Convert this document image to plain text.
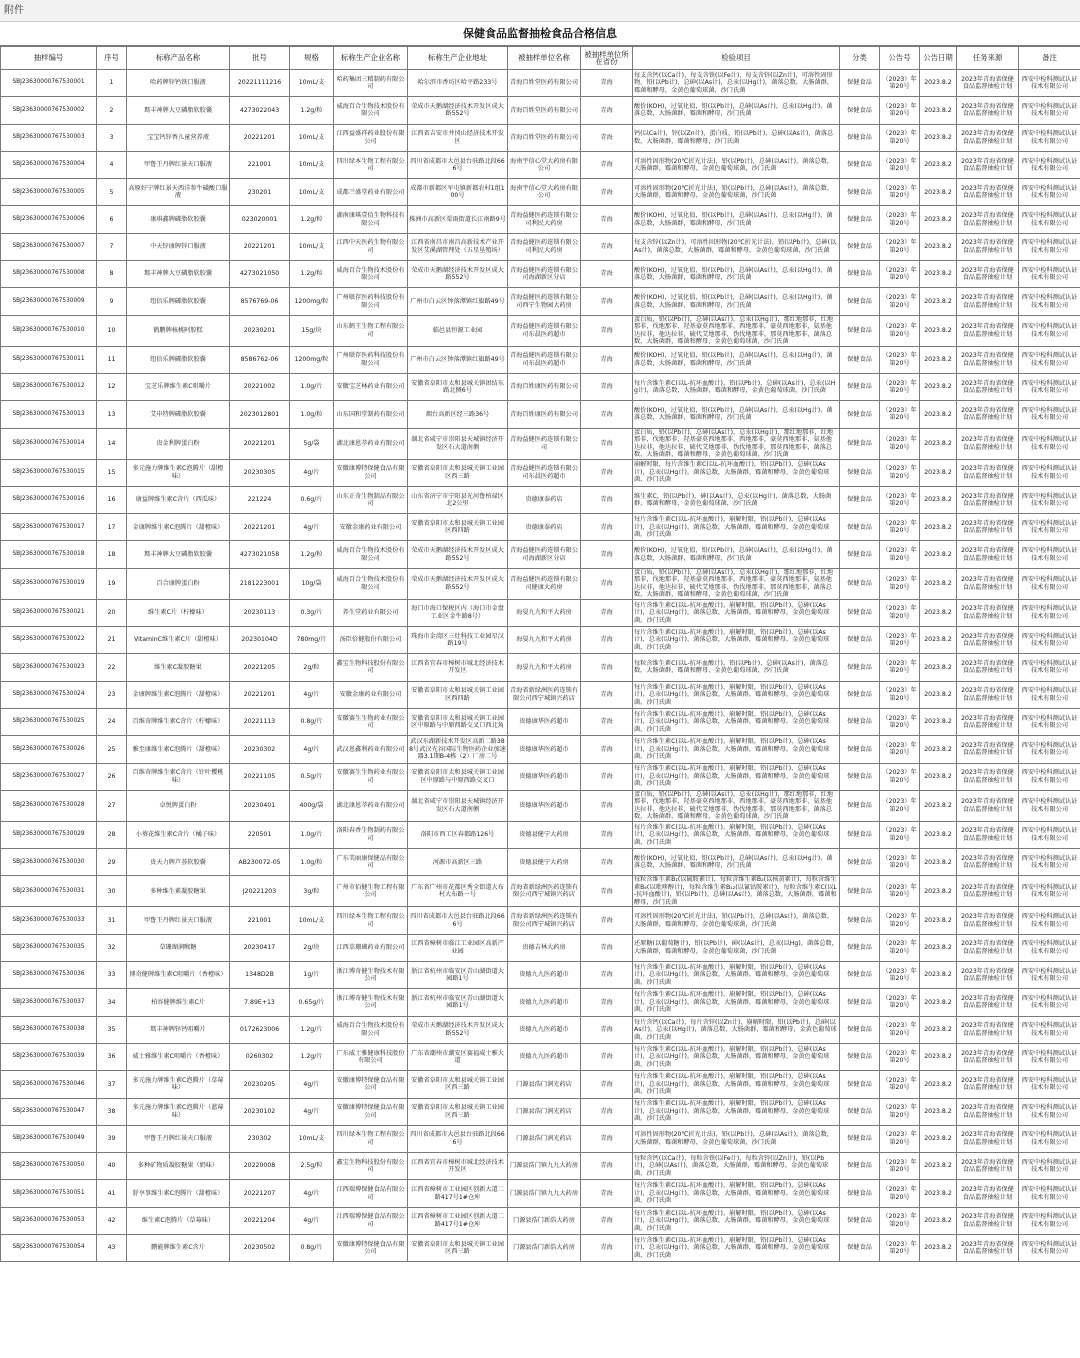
附件
保健食品监督抽检食品合格信息
抽样编号	序号	标称产品名称	批号	规格	标称生产企业名称	标称生产企业地址	被抽样单位名称	被抽样单位所在省份	检验项目	分类	公告号	公告日期	任务来源	备注
SBJ23630000767530001	1	哈药牌锌钙铁口服液	20221111216	10mL/支	哈药集团三精制药有限公司	哈尔滨市香坊区哈平路233号	青海百姓堂医药有限公司	青海	每支含钙(以Ca计)，每支含铁(以Fe计)，每支含锌(以Zn计)，可溶性固形物，铅(以Pb计)，总砷(以As计)，总汞(以Hg计)，菌落总数，大肠菌群，霉菌和酵母，金黄色葡萄球菌，沙门氏菌	保健食品	（2023）年第20号	2023.8.2	2023年青海省保健食品监督抽检计划	西安中检科测试认证技术有限公司
SBJ23630000767530002	2	瑪丰神牌大豆磷脂软胶囊	4273022043	1.2g/粒	威海百合生物技术股份有限公司	荣成市天鹅湖经济技术开发区成大路552号	青海百姓堂医药有限公司	青海	酸价(KOH)，过氧化值，铅(以Pb计)，总砷(以As计)，总汞(以Hg计)，菌落总数，大肠菌群，霉菌和酵母，沙门氏菌	保健食品	（2023）年第20号	2023.8.2	2023年青海省保健食品监督抽检计划	西安中检科测试认证技术有限公司
SBJ23630000767530003	3	宝宝钙锌香儿童营养液	20221201	10mL/支	江西益盛祥药业股份有限公司	江西省吉安市井冈山经济技术开发区	青海百姓堂医药有限公司	青海	钙(以Ca计)，锌(以Zn计)，蛋白质，铅(以Pb计)，总砷(以As计)，菌落总数，大肠菌群，霉菌和酵母，沙门氏菌	保健食品	（2023）年第20号	2023.8.2	2023年青海省保健食品监督抽检计划	西安中检科测试认证技术有限公司
SBJ23630000767530004	4	甲鲁王丹牌红景天口服液	221001	10mL/支	四川绿本生物工程有限公司	四川省成都市大邑县台驻路北段666号	海南宇信心堂大药房有限公司	青海	可溶性固形物(20℃折光计法)，铅(以Pb计)，总砷(以As计)，菌落总数，大肠菌群，霉菌和酵母，金黄色葡萄球菌，沙门氏菌	保健食品	（2023）年第20号	2023.8.2	2023年青海省保健食品监督抽检计划	西安中检科测试认证技术有限公司
SBJ23630000767530005	5	高原好宁牌红景天西洋参牛磺酸口服液	230201	10mL/支	成都兰盛堂药业有限公司	成都市新都区军屯镇新都农村1组100号	海南宇信心堂大药房有限公司	青海	可溶性固形物(20℃折光计法)，铅(以Pb计)，总砷(以As计)，菌落总数，大肠菌群，霉菌和酵母，金黄色葡萄球菌，沙门氏菌	保健食品	（2023）年第20号	2023.8.2	2023年青海省保健食品监督抽检计划	西安中检科测试认证技术有限公司
SBJ23630000767530006	6	康琪鑫牌磷脂软胶囊	023020001	1.2g/粒	湖南康琪壹佰生物科技有限公司	株洲市高新区栗雨街道长江南路9号	青海益健医药连锁有限公司利民大药房	青海	酸价(KOH)，过氧化值，铅(以Pb计)，总砷(以As计)，总汞(以Hg计)，菌落总数，大肠菌群，霉菌和酵母，沙门氏菌	保健食品	（2023）年第20号	2023.8.2	2023年青海省保健食品监督抽检计划	西安中检科测试认证技术有限公司
SBJ23630000767530007	7	中天锌康牌锌口服液	20221201	10mL/支	江西中天医药生物有限公司	江西省南昌市南昌高新技术产业开发区艾溪湖管理处（五星垦殖场）	青海益健医药连锁有限公司利民大药房	青海	每支含锌(以Zn计)，可溶性固形物(20℃折光计法)，铅(以Pb计)，总砷(以As计)，菌落总数，大肠菌群，霉菌和酵母，金黄色葡萄球菌，沙门氏菌	保健食品	（2023）年第20号	2023.8.2	2023年青海省保健食品监督抽检计划	西安中检科测试认证技术有限公司
SBJ23630000767530008	8	瑪丰神牌大豆磷脂软胶囊	4273021050	1.2g/粒	威海百合生物技术股份有限公司	荣成市天鹅湖经济技术开发区成大路552号	青海益健医药连锁有限公司海湖新区分店	青海	酸价(KOH)，过氧化值，铅(以Pb计)，总砷(以As计)，总汞(以Hg计)，菌落总数，大肠菌群，霉菌和酵母，沙门氏菌	保健食品	（2023）年第20号	2023.8.2	2023年青海省保健食品监督抽检计划	西安中检科测试认证技术有限公司
SBJ23630000767530009	9	纽倍乐牌磷脂软胶囊	8576769-06	1200mg/粒	广州联存医药科技股份有限公司	广州市白云区钟落潭镇红旗路49号	青海益健医药连锁有限公司西宁生物园大药房	青海	酸价(KOH)，过氧化值，铅(以Pb计)，总砷(以As计)，总汞(以Hg计)，菌落总数，大肠菌群，霉菌和酵母，沙门氏菌	保健食品	（2023）年第20号	2023.8.2	2023年青海省保健食品监督抽检计划	西安中检科测试认证技术有限公司
SBJ23630000767530010	10	鹤鹏牌核桃阿胶糕	20230201	15g/块	山东鹤王生物工程有限公司	临邑县恒源工业园	青海益健医药连锁有限公司东晨医药超市	青海	蛋白质，铅(以Pb计)，总砷(以As计)，总汞(以Hg计)，那红地那非，红地那非，伐地那非，羟基豪莫西地那非，西地那非，豪莫西地那非，氨基他达拉非，他达拉非，硫代艾地那非，伪伐地那非，那莫西地那非，菌落总数，大肠菌群，霉菌和酵母，金黄色葡萄球菌，沙门氏菌	保健食品	（2023）年第20号	2023.8.2	2023年青海省保健食品监督抽检计划	西安中检科测试认证技术有限公司
SBJ23630000767530011	11	纽倍乐牌磷脂软胶囊	8586762-06	1200mg/粒	广州联存医药科技股份有限公司	广州市白云区钟落潭镇红旗路49号	青海益健医药连锁有限公司东晨医药超市	青海	酸价(KOH)，过氧化值，铅(以Pb计)，总砷(以As计)，总汞(以Hg计)，菌落总数，大肠菌群，霉菌和酵母，沙门氏菌	保健食品	（2023）年第20号	2023.8.2	2023年青海省保健食品监督抽检计划	西安中检科测试认证技术有限公司
SBJ23630000767530012	12	宝芝乐牌维生素C咀嚼片	20221002	1.0g/片	安徽宝芝林药业有限公司	安徽省阜阳市太和县城关镇团结东路北侧6号	青海百姓康医药有限公司	青海	每片含维生素C(以L-抗坏血酸计)，铅(以Pb计)，总砷(以As计)，总汞(以Hg计)，菌落总数，大肠菌群，霉菌和酵母，金黄色葡萄球菌，沙门氏菌	保健食品	（2023）年第20号	2023.8.2	2023年青海省保健食品监督抽检计划	西安中检科测试认证技术有限公司
SBJ23630000767530013	13	艾申特牌磷脂软胶囊	2023012801	1.0g/粒	山东国和堂制药有限公司	烟台高新区经三路36号	青海百姓康医药有限公司	青海	酸价(KOH)，过氧化值，铅(以Pb计)，总砷(以As计)，总汞(以Hg计)，菌落总数，大肠菌群，霉菌和酵母，沙门氏菌	保健食品	（2023）年第20号	2023.8.2	2023年青海省保健食品监督抽检计划	西安中检科测试认证技术有限公司
SBJ23630000767530014	14	贵金利牌蛋白粉	20221201	5g/袋	湖北康恩萃药业有限公司	湖北省咸宁市崇阳县天城镇经济开发区石大道南侧	青海益健医药连锁有限公司	青海	蛋白质，铅(以Pb计)，总砷(以As计)，总汞(以Hg计)，那红地那非，红地那非，伐地那非，羟基豪莫西地那非，西地那非，豪莫西地那非，氨基他达拉非，他达拉非，硫代艾地那非，伪伐地那非，那莫西地那非，菌落总数，大肠菌群，霉菌和酵母，金黄色葡萄球菌，沙门氏菌	保健食品	（2023）年第20号	2023.8.2	2023年青海省保健食品监督抽检计划	西安中检科测试认证技术有限公司
SBJ23630000767530015	15	多元施力牌维生素C泡腾片（甜橙味）	20230305	4g/片	安徽康博特保健食品有限公司	安徽省阜阳市太和县城关镇工业园区西三路	青海益健医药连锁有限公司东晨医药超市	青海	崩解时限，每片含维生素C(以L-抗坏血酸计)，铅(以Pb计)，总砷(以As计)，总汞(以Hg计)，菌落总数，大肠菌群，霉菌和酵母，金黄色葡萄球菌，沙门氏菌	保健食品	（2023）年第20号	2023.8.2	2023年青海省保健食品监督抽检计划	西安中检科测试认证技术有限公司
SBJ23630000767530016	16	康益牌维生素C含片（西瓜味）	221224	0.6g/片	山东正奇生物制品有限公司	山东省济宁市宁阳县光河鲁柏禄区北2公里	贵德康泰药店	青海	维生素C，铅(以Pb计)，砷(以As计)，总汞(以Hg计)，菌落总数，大肠菌群，霉菌和酵母，金黄色葡萄球菌，沙门氏菌	保健食品	（2023）年第20号	2023.8.2	2023年青海省保健食品监督抽检计划	西安中检科测试认证技术有限公司
SBJ23630000767530017	17	金康牌维生素C泡腾片（甜橙味）	20221201	4g/片	安徽金康药业有限公司	安徽省阜阳市太和县城关镇工业园区西四路	贵德康泰药店	青海	每片含维生素C(以L-抗坏血酸计)，崩解时限，铅(以Pb计)，总砷(以As计)，总汞(以Hg计)，菌落总数，大肠菌群，霉菌和酵母，金黄色葡萄球菌，沙门氏菌	保健食品	（2023）年第20号	2023.8.2	2023年青海省保健食品监督抽检计划	西安中检科测试认证技术有限公司
SBJ23630000767530018	18	瑪丰神牌大豆磷脂软胶囊	4273021058	1.2g/粒	威海百合生物技术股份有限公司	荣成市天鹅湖经济技术开发区成大路552号	青海益健医药连锁有限公司海湖新区分店	青海	酸价(KOH)，过氧化值，铅(以Pb计)，总砷(以As计)，总汞(以Hg计)，菌落总数，大肠菌群，霉菌和酵母，沙门氏菌	保健食品	（2023）年第20号	2023.8.2	2023年青海省保健食品监督抽检计划	西安中检科测试认证技术有限公司
SBJ23630000767530019	19	百合康牌蛋白粉	2181223001	10g/袋	威海百合生物技术股份有限公司	荣成市天鹅湖经济技术开发区成大路552号	青海益健医药连锁有限公司健康大药房	青海	蛋白质，铅(以Pb计)，总砷(以As计)，总汞(以Hg计)，那红地那非，红地那非，伐地那非，羟基豪莫西地那非，西地那非，豪莫西地那非，氨基他达拉非，他达拉非，硫代艾地那非，伪伐地那非，那莫西地那非，菌落总数，大肠菌群，霉菌和酵母，金黄色葡萄球菌，沙门氏菌	保健食品	（2023）年第20号	2023.8.2	2023年青海省保健食品监督抽检计划	西安中检科测试认证技术有限公司
SBJ23630000767530021	20	维生素C片（柠檬味）	20230113	0.3g/片	养生堂药业有限公司	海口市海口保税区内（海口市金盘工业区金牛路8号）	海晏九九和平大药房	青海	每片含维生素C(以L-抗坏血酸计)，崩解时限，铅(以Pb计)，总砷(以As计)，总汞(以Hg计)，菌落总数，大肠菌群，霉菌和酵母，金黄色葡萄球菌，沙门氏菌	保健食品	（2023）年第20号	2023.8.2	2023年青海省保健食品监督抽检计划	西安中检科测试认证技术有限公司
SBJ23630000767530022	21	VitaminC维生素C片（甜橙味）	20230104D	780mg/片	汤臣倍健股份有限公司	珠海市金湾区三灶科技工业园星汉路19号	海晏九九和平大药房	青海	每片含维生素C(以L-抗坏血酸计)，崩解时限，铅(以Pb计)，总砷(以As计)，总汞(以Hg计)，菌落总数，大肠菌群，霉菌和酵母，金黄色葡萄球菌，沙门氏菌	保健食品	（2023）年第20号	2023.8.2	2023年青海省保健食品监督抽检计划	西安中检科测试认证技术有限公司
SBJ23630000767530023	22	维生素C凝胶糖果	20221205	2g/粒	鑫宝生物科技股份有限公司	江西省宜春市樟树市城北经济技术开发区	海晏九九和平大药房	青海	每粒含维生素C(以L-抗坏血酸计)，铅(以Pb计)，总砷(以As计)，菌落总数，大肠菌群，霉菌和酵母，金黄色葡萄球菌，沙门氏菌	保健食品	（2023）年第20号	2023.8.2	2023年青海省保健食品监督抽检计划	西安中检科测试认证技术有限公司
SBJ23630000767530024	23	金康牌维生素C泡腾片（甜橙味）	20221201	4g/片	安徽金康药业有限公司	安徽省阜阳市太和县城关镇工业园区西四路	青海省新绿洲医药连锁有限公司西宁城镇兴药店	青海	每片含维生素C(以L-抗坏血酸计)，崩解时限，铅(以Pb计)，总砷(以As计)，总汞(以Hg计)，菌落总数，大肠菌群，霉菌和酵母，金黄色葡萄球菌，沙门氏菌	保健食品	（2023）年第20号	2023.8.2	2023年青海省保健食品监督抽检计划	西安中检科测试认证技术有限公司
SBJ23630000767530025	24	百维奇牌维生素C含片（柠檬味）	20221113	0.8g/片	安徽赛生生物药业有限公司	安徽省阜阳市太和县城关镇工业园区中原路与中原西路交叉口西北角	贵德康华医药超市	青海	每片含维生素C(以L-抗坏血酸计)，崩解时限，铅(以Pb计)，总砷(以As计)，总汞(以Hg计)，菌落总数，大肠菌群，霉菌和酵母，金黄色葡萄球菌，沙门氏菌	保健食品	（2023）年第20号	2023.8.2	2023年青海省保健食品监督抽检计划	西安中检科测试认证技术有限公司
SBJ23630000767530026	25	雅至康维生素C泡腾片（甜橙味）	20230302	4g/片	武汉恩鑫利药业有限公司	武汉东湖新技术开发区高新二路388号武汉光谷国际生物医药企业加速器3.1期B-4栋（2）厂房二号	贵德康华医药超市	青海	每片含维生素C(以L-抗坏血酸计)，崩解时限，铅(以Pb计)，总砷(以As计)，总汞(以Hg计)，菌落总数，大肠菌群，霉菌和酵母，金黄色葡萄球菌，沙门氏菌	保健食品	（2023）年第20号	2023.8.2	2023年青海省保健食品监督抽检计划	西安中检科测试认证技术有限公司
SBJ23630000767530027	26	百维奇牌维生素C含片（针叶樱桃味）	20221105	0.5g/片	安徽赛生生物药业有限公司	安徽省阜阳市太和县城关镇工业园区中原路与中原西路交叉口	贵德康华医药超市	青海	每片含维生素C(以L-抗坏血酸计)，崩解时限，铅(以Pb计)，总砷(以As计)，总汞(以Hg计)，菌落总数，大肠菌群，霉菌和酵母，金黄色葡萄球菌，沙门氏菌	保健食品	（2023）年第20号	2023.8.2	2023年青海省保健食品监督抽检计划	西安中检科测试认证技术有限公司
SBJ23630000767530028	27	卓悦牌蛋白粉	20230401	400g/袋	湖北康恩萃药业有限公司	湖北省咸宁市崇阳县天城镇经济开发区石大道南侧	贵德康华医药超市	青海	蛋白质，铅(以Pb计)，总砷(以As计)，总汞(以Hg计)，那红地那非，红地那非，伐地那非，羟基豪莫西地那非，西地那非，豪莫西地那非，氨基他达拉非，他达拉非，硫代艾地那非，伪伐地那非，那莫西地那非，菌落总数，大肠菌群，霉菌和酵母，金黄色葡萄球菌，沙门氏菌	保健食品	（2023）年第20号	2023.8.2	2023年青海省保健食品监督抽检计划	西安中检科测试认证技术有限公司
SBJ23630000767530029	28	小葵花维生素C含片（橘子味）	220501	1.0g/片	洛阳春香生物制药有限公司	洛阳市西工区春都路126号	贵德县健宁大药房	青海	每片含维生素C(以L-抗坏血酸计)，崩解时限，铅(以Pb计)，总砷(以As计)，总汞(以Hg计)，菌落总数，大肠菌群，霉菌和酵母，金黄色葡萄球菌，沙门氏菌	保健食品	（2023）年第20号	2023.8.2	2023年青海省保健食品监督抽检计划	西安中检科测试认证技术有限公司
SBJ23630000767530030	29	贵天力牌芦荟软胶囊	AB230072-05	1.0g/粒	广东美丽康保健品有限公司	河源市高新区三路	贵德县健宁大药房	青海	酸价(KOH)，过氧化值，铅(以Pb计)，总砷(以As计)，总汞(以Hg计)，菌落总数，大肠菌群，霉菌和酵母，沙门氏菌	保健食品	（2023）年第20号	2023.8.2	2023年青海省保健食品监督抽检计划	西安中检科测试认证技术有限公司
SBJ23630000767530031	30	多种维生素凝胶糖果	J20221203	3g/粒	广州市佰健生物工程有限公司	广东省广州市花都区秀全街道大布村大布路一号	青海省新绿洲医药连锁有限公司西宁城镇兴药店	青海	每粒含维生素B₁(以硫胺素计)，每粒含维生素B₂(以核黄素计)，每粒含维生素B₆(以吡哆醇计)，每粒含维生素B₁₂(以氰钴胺素计)，每粒含维生素C(以L-抗坏血酸计)，铅(以Pb计)，总砷(以As计)，菌落总数，大肠菌群，霉菌和酵母，沙门氏菌	保健食品	（2023）年第20号	2023.8.2	2023年青海省保健食品监督抽检计划	西安中检科测试认证技术有限公司
SBJ23630000767530033	31	甲鲁王丹牌红景天口服液	221001	10mL/支	四川绿本生物工程有限公司	四川省成都市大邑县台驻路北段666号	青海省新绿洲医药连锁有限公司西宁城镇兴药店	青海	可溶性固形物(20℃折光计法)，铅(以Pb计)，总砷(以As计)，菌落总数，大肠菌群，霉菌和酵母，金黄色葡萄球菌，沙门氏菌	保健食品	（2023）年第20号	2023.8.2	2023年青海省保健食品监督抽检计划	西安中检科测试认证技术有限公司
SBJ23630000767530035	32	草珊瑚润喉糖	20230417	2g/块	江西草珊瑚药业有限公司	江西省樟树市临江工业园区高新产业园	贵德吉林大药房	青海	还原糖(以葡萄糖计)，铅(以Pb计)，砷(以As计)，总汞(以Hg)，菌落总数，大肠菌群，霉菌和酵母，金黄色葡萄球菌，沙门氏菌	保健食品	（2023）年第20号	2023.8.2	2023年青海省保健食品监督抽检计划	西安中检科测试认证技术有限公司
SBJ23630000767530036	33	博奇健牌维生素C咀嚼片（香橙味）	1348D2B	1g/片	浙江博奇健生物技术有限公司	浙江省杭州市临安区青山湖街道大园路1号	贵德九九医药超市	青海	每片含维生素C(以L-抗坏血酸计)，崩解时限，铅(以Pb计)，总砷(以As计)，总汞(以Hg计)，菌落总数，大肠菌群，霉菌和酵母，金黄色葡萄球菌，沙门氏菌	保健食品	（2023）年第20号	2023.8.2	2023年青海省保健食品监督抽检计划	西安中检科测试认证技术有限公司
SBJ23630000767530037	34	柏容健牌维生素C片	7.89E+13	0.65g/片	浙江博奇健生物技术有限公司	浙江省杭州市临安区青山湖街道大园路1号	贵德九九医药超市	青海	每片含维生素C(以L-抗坏血酸计)，崩解时限，铅(以Pb计)，总砷(以As计)，总汞(以Hg计)，菌落总数，大肠菌群，霉菌和酵母，金黄色葡萄球菌，沙门氏菌	保健食品	（2023）年第20号	2023.8.2	2023年青海省保健食品监督抽检计划	西安中检科测试认证技术有限公司
SBJ23630000767530038	35	瑪丰神牌锌钙咀嚼片	0172623006	1.2g/片	威海百合生物技术股份有限公司	荣成市天鹅湖经济技术开发区成大路552号	贵德九九医药超市	青海	每片含钙(以Ca计)，每片含锌(以Zn计)，崩解时限，铅(以Pb计)，总砷(以As计)，总汞(以Hg计)，菌落总数，大肠菌群，霉菌和酵母，金黄色葡萄球菌，沙门氏菌	保健食品	（2023）年第20号	2023.8.2	2023年青海省保健食品监督抽检计划	西安中检科测试认证技术有限公司
SBJ23630000767530039	36	威士雅维生素C咀嚼片（香橙味）	0260302	1.2g/片	广东威士雅健康科技股份有限公司	广东省潮州市潮安区赛福威士雅大道	贵德九九医药超市	青海	每片含维生素C(以L-抗坏血酸计)，崩解时限，铅(以Pb计)，总砷(以As计)，总汞(以Hg计)，菌落总数，大肠菌群，霉菌和酵母，金黄色葡萄球菌，沙门氏菌	保健食品	（2023）年第20号	2023.8.2	2023年青海省保健食品监督抽检计划	西安中检科测试认证技术有限公司
SBJ23630000767530046	37	多元施力牌维生素C泡腾片（草莓味）	20230205	4g/片	安徽康博特保健食品有限公司	安徽省阜阳市太和县城关镇工业园区西三路	门源县浩门润光药店	青海	每片含维生素C(以L-抗坏血酸计)，崩解时限，铅(以Pb计)，总砷(以As计)，总汞(以Hg计)，菌落总数，大肠菌群，霉菌和酵母，金黄色葡萄球菌，沙门氏菌	保健食品	（2023）年第20号	2023.8.2	2023年青海省保健食品监督抽检计划	西安中检科测试认证技术有限公司
SBJ23630000767530047	38	多元施力牌维生素C泡腾片（蓝莓味）	20230102	4g/片	安徽康博特保健食品有限公司	安徽省阜阳市太和县城关镇工业园区西三路	门源县浩门润光药店	青海	每片含维生素C(以L-抗坏血酸计)，崩解时限，铅(以Pb计)，总砷(以As计)，总汞(以Hg计)，菌落总数，大肠菌群，霉菌和酵母，金黄色葡萄球菌，沙门氏菌	保健食品	（2023）年第20号	2023.8.2	2023年青海省保健食品监督抽检计划	西安中检科测试认证技术有限公司
SBJ23630000767530049	39	甲鲁王丹牌红景天口服液	230302	10mL/支	四川绿本生物工程有限公司	四川省成都市大邑县台驻路北段666号	门源县浩门润光药店	青海	可溶性固形物(20℃折光计法)，铅(以Pb计)，总砷(以As计)，菌落总数，大肠菌群，霉菌和酵母，金黄色葡萄球菌，沙门氏菌	保健食品	（2023）年第20号	2023.8.2	2023年青海省保健食品监督抽检计划	西安中检科测试认证技术有限公司
SBJ23630000767530050	40	多种矿物质凝胶糖果（奶味）	20220008	2.5g/粒	鑫宝生物科技股份有限公司	江西省宜春市樟树市城北经济技术开发区	门源县浩门镇九九大药房	青海	每粒含钙(以Ca计)，每粒含铁(以Fe计)，每粒含锌(以Zn计)，铅(以Pb计)，总砷(以As计)，菌落总数，大肠菌群，霉菌和酵母，金黄色葡萄球菌，沙门氏菌	保健食品	（2023）年第20号	2023.8.2	2023年青海省保健食品监督抽检计划	西安中检科测试认证技术有限公司
SBJ23630000767530051	41	舒享事维生素C泡腾片（甜橙味）	20221207	4g/片	江西瑞博保健食品有限公司	江西省樟树市工业园区创新大道二路417号1#仓库	门源县浩门镇九九大药房	青海	每片含维生素C(以L-抗坏血酸计)，崩解时限，铅(以Pb计)，总砷(以As计)，总汞(以Hg计)，菌落总数，大肠菌群，霉菌和酵母，金黄色葡萄球菌，沙门氏菌	保健食品	（2023）年第20号	2023.8.2	2023年青海省保健食品监督抽检计划	西安中检科测试认证技术有限公司
SBJ23630000767530053	42	维生素C泡腾片（草莓味）	20221204	4g/片	江西瑞博保健食品有限公司	江西省樟树市工业园区创新大道二路417号1#仓库	门源县浩门新浩大药房	青海	每片含维生素C(以L-抗坏血酸计)，崩解时限，铅(以Pb计)，总砷(以As计)，总汞(以Hg计)，菌落总数，大肠菌群，霉菌和酵母，金黄色葡萄球菌，沙门氏菌	保健食品	（2023）年第20号	2023.8.2	2023年青海省保健食品监督抽检计划	西安中检科测试认证技术有限公司
SBJ23630000767530054	43	鹏能牌维生素C含片	20230502	0.8g/片	安徽康博特保健食品有限公司	安徽省阜阳市太和县城关镇工业园区西三路	门源县浩门新浩大药房	青海	每片含维生素C(以L-抗坏血酸计)，崩解时限，铅(以Pb计)，总砷(以As计)，总汞(以Hg计)，菌落总数，大肠菌群，霉菌和酵母，金黄色葡萄球菌，沙门氏菌	保健食品	（2023）年第20号	2023.8.2	2023年青海省保健食品监督抽检计划	西安中检科测试认证技术有限公司
